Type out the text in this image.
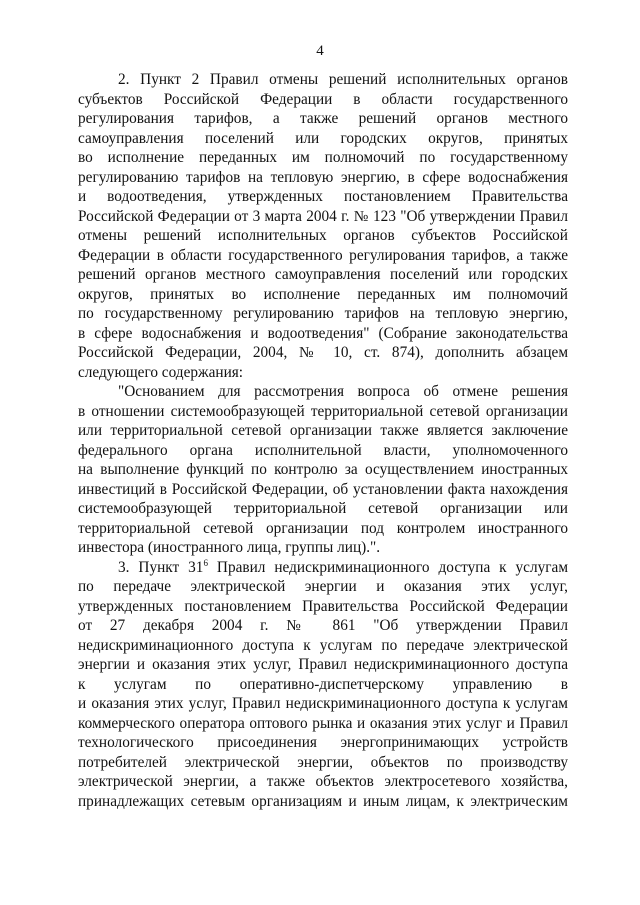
4
2. Пункт 2 Правил отмены решений исполнительных органов
субъектов Российской Федерации в области государственного
регулирования тарифов, а также решений органов местного
самоуправления поселений или городских округов, принятых
во исполнение переданных им полномочий по государственному
регулированию тарифов на тепловую энергию, в сфере водоснабжения
и водоотведения, утвержденных постановлением Правительства
Российской Федерации от 3 марта 2004 г. № 123 "Об утверждении Правил
отмены решений исполнительных органов субъектов Российской
Федерации в области государственного регулирования тарифов, а также
решений органов местного самоуправления поселений или городских
округов, принятых во исполнение переданных им полномочий
по государственному регулированию тарифов на тепловую энергию,
в сфере водоснабжения и водоотведения" (Собрание законодательства
Российской Федерации, 2004, № 10, ст. 874), дополнить абзацем
следующего содержания:
"Основанием для рассмотрения вопроса об отмене решения
в отношении системообразующей территориальной сетевой организации
или территориальной сетевой организации также является заключение
федерального органа исполнительной власти, уполномоченного
на выполнение функций по контролю за осуществлением иностранных
инвестиций в Российской Федерации, об установлении факта нахождения
системообразующей территориальной сетевой организации или
территориальной сетевой организации под контролем иностранного
инвестора (иностранного лица, группы лиц).".
3. Пункт $31^6$ Правил недискриминационного доступа к услугам
по передаче электрической энергии и оказания этих услуг,
утвержденных постановлением Правительства Российской Федерации
от 27 декабря 2004 г. № 861 "Об утверждении Правил
недискриминационного доступа к услугам по передаче электрической
энергии и оказания этих услуг, Правил недискриминационного доступа
к услугам по оперативно-диспетчерскому управлению в
и оказания этих услуг, Правил недискриминационного доступа к услугам
коммерческого оператора оптового рынка и оказания этих услуг и Правил
технологического присоединения энергопринимающих устройств
потребителей электрической энергии, объектов по производству
электрической энергии, а также объектов электросетевого хозяйства,
принадлежащих сетевым организациям и иным лицам, к электрическим
